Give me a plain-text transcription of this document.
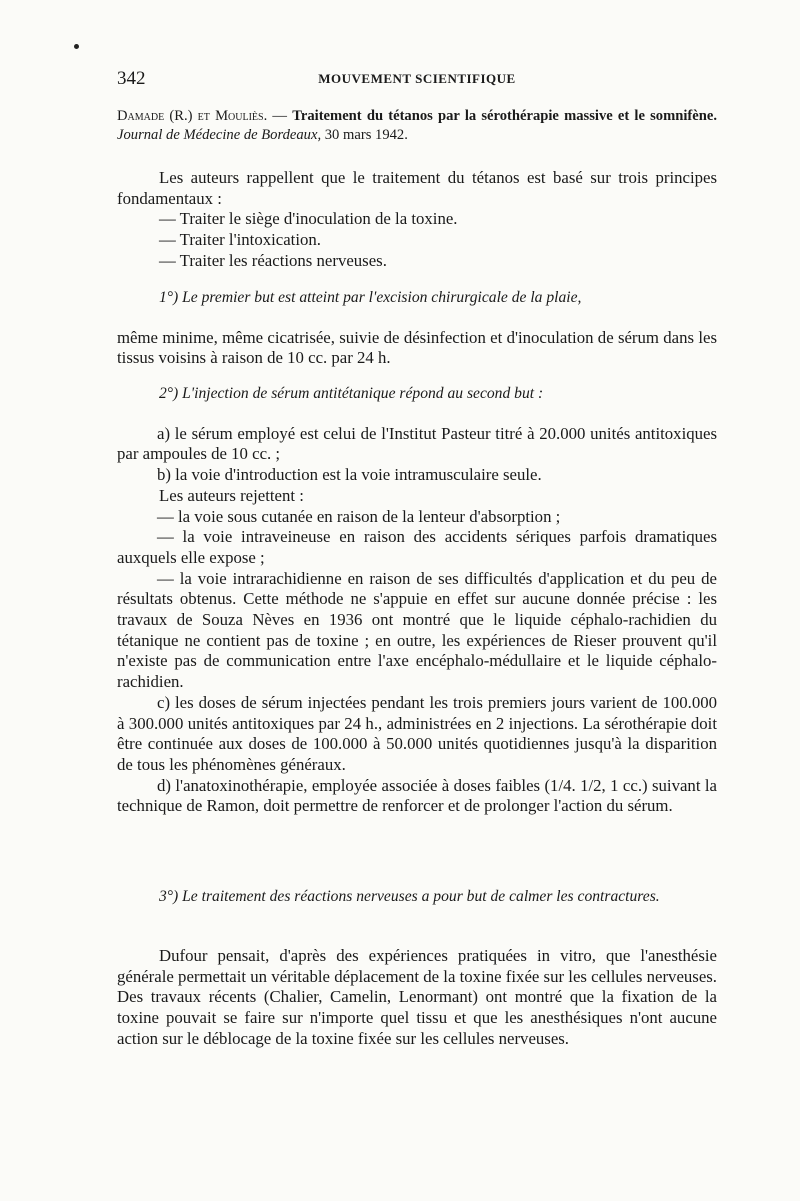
342	MOUVEMENT SCIENTIFIQUE
Damade (R.) et Mouliès. — Traitement du tétanos par la sérothérapie massive et le somnifène. Journal de Médecine de Bordeaux, 30 mars 1942.

Les auteurs rappellent que le traitement du tétanos est basé sur trois principes fondamentaux :

— Traiter le siège d'inoculation de la toxine.

— Traiter l'intoxication.

— Traiter les réactions nerveuses.

1°) Le premier but est atteint par l'excision chirurgicale de la plaie,

même minime, même cicatrisée, suivie de désinfection et d'inoculation de sérum dans les tissus voisins à raison de 10 cc. par 24 h.

2°) L'injection de sérum antitétanique répond au second but :

a) le sérum employé est celui de l'Institut Pasteur titré à 20.000 unités antitoxiques par ampoules de 10 cc. ;

b) la voie d'introduction est la voie intramusculaire seule.

Les auteurs rejettent :

— la voie sous cutanée en raison de la lenteur d'absorption ;

— la voie intraveineuse en raison des accidents sériques parfois dramatiques auxquels elle expose ;

— la voie intrarachidienne en raison de ses difficultés d'application et du peu de résultats obtenus. Cette méthode ne s'appuie en effet sur aucune donnée précise : les travaux de Souza Nèves en 1936 ont montré que le liquide céphalo-rachidien du tétanique ne contient pas de toxine ; en outre, les expériences de Rieser prouvent qu'il n'existe pas de communication entre l'axe encéphalo-médullaire et le liquide céphalo-rachidien.

c) les doses de sérum injectées pendant les trois premiers jours varient de 100.000 à 300.000 unités antitoxiques par 24 h., administrées en 2 injections. La sérothérapie doit être continuée aux doses de 100.000 à 50.000 unités quotidiennes jusqu'à la disparition de tous les phénomènes généraux.

d) l'anatoxinothérapie, employée associée à doses faibles (1/4. 1/2, 1 cc.) suivant la technique de Ramon, doit permettre de renforcer et de prolonger l'action du sérum.

3°) Le traitement des réactions nerveuses a pour but de calmer les contractures.

Dufour pensait, d'après des expériences pratiquées in vitro, que l'anesthésie générale permettait un véritable déplacement de la toxine fixée sur les cellules nerveuses. Des travaux récents (Chalier, Camelin, Lenormant) ont montré que la fixation de la toxine pouvait se faire sur n'importe quel tissu et que les anesthésiques n'ont aucune action sur le déblocage de la toxine fixée sur les cellules nerveuses.
